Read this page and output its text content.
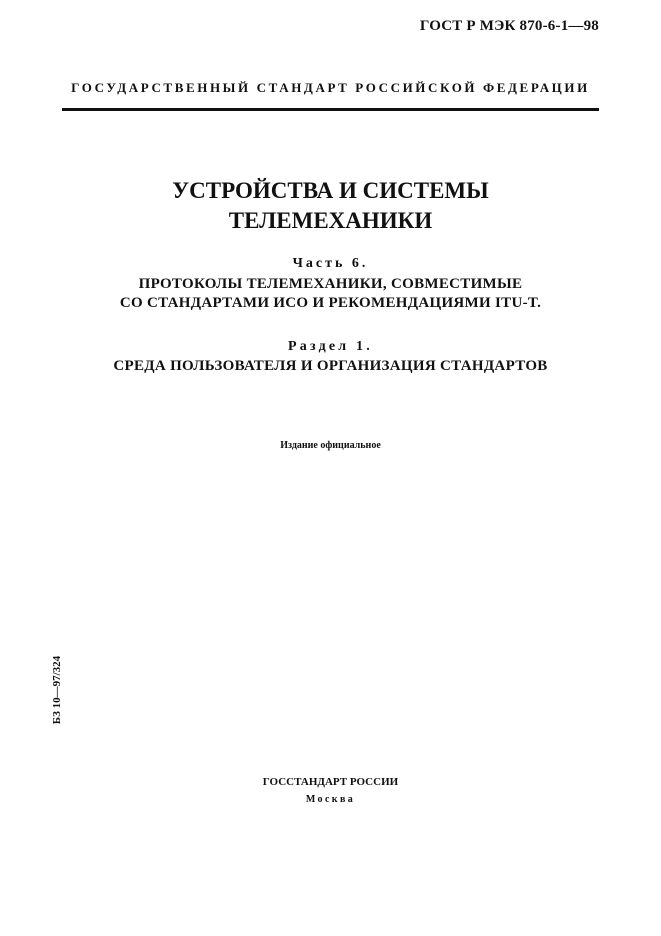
ГОСТ Р МЭК 870-6-1—98
ГОСУДАРСТВЕННЫЙ СТАНДАРТ РОССИЙСКОЙ ФЕДЕРАЦИИ
УСТРОЙСТВА И СИСТЕМЫ
ТЕЛЕМЕХАНИКИ
Часть 6.
ПРОТОКОЛЫ ТЕЛЕМЕХАНИКИ, СОВМЕСТИМЫЕ
СО СТАНДАРТАМИ ИСО И РЕКОМЕНДАЦИЯМИ ITU-T.
Раздел 1.
СРЕДА ПОЛЬЗОВАТЕЛЯ И ОРГАНИЗАЦИЯ СТАНДАРТОВ
Издание официальное
БЗ 10—97/324
ГОССТАНДАРТ РОССИИ
Москва
